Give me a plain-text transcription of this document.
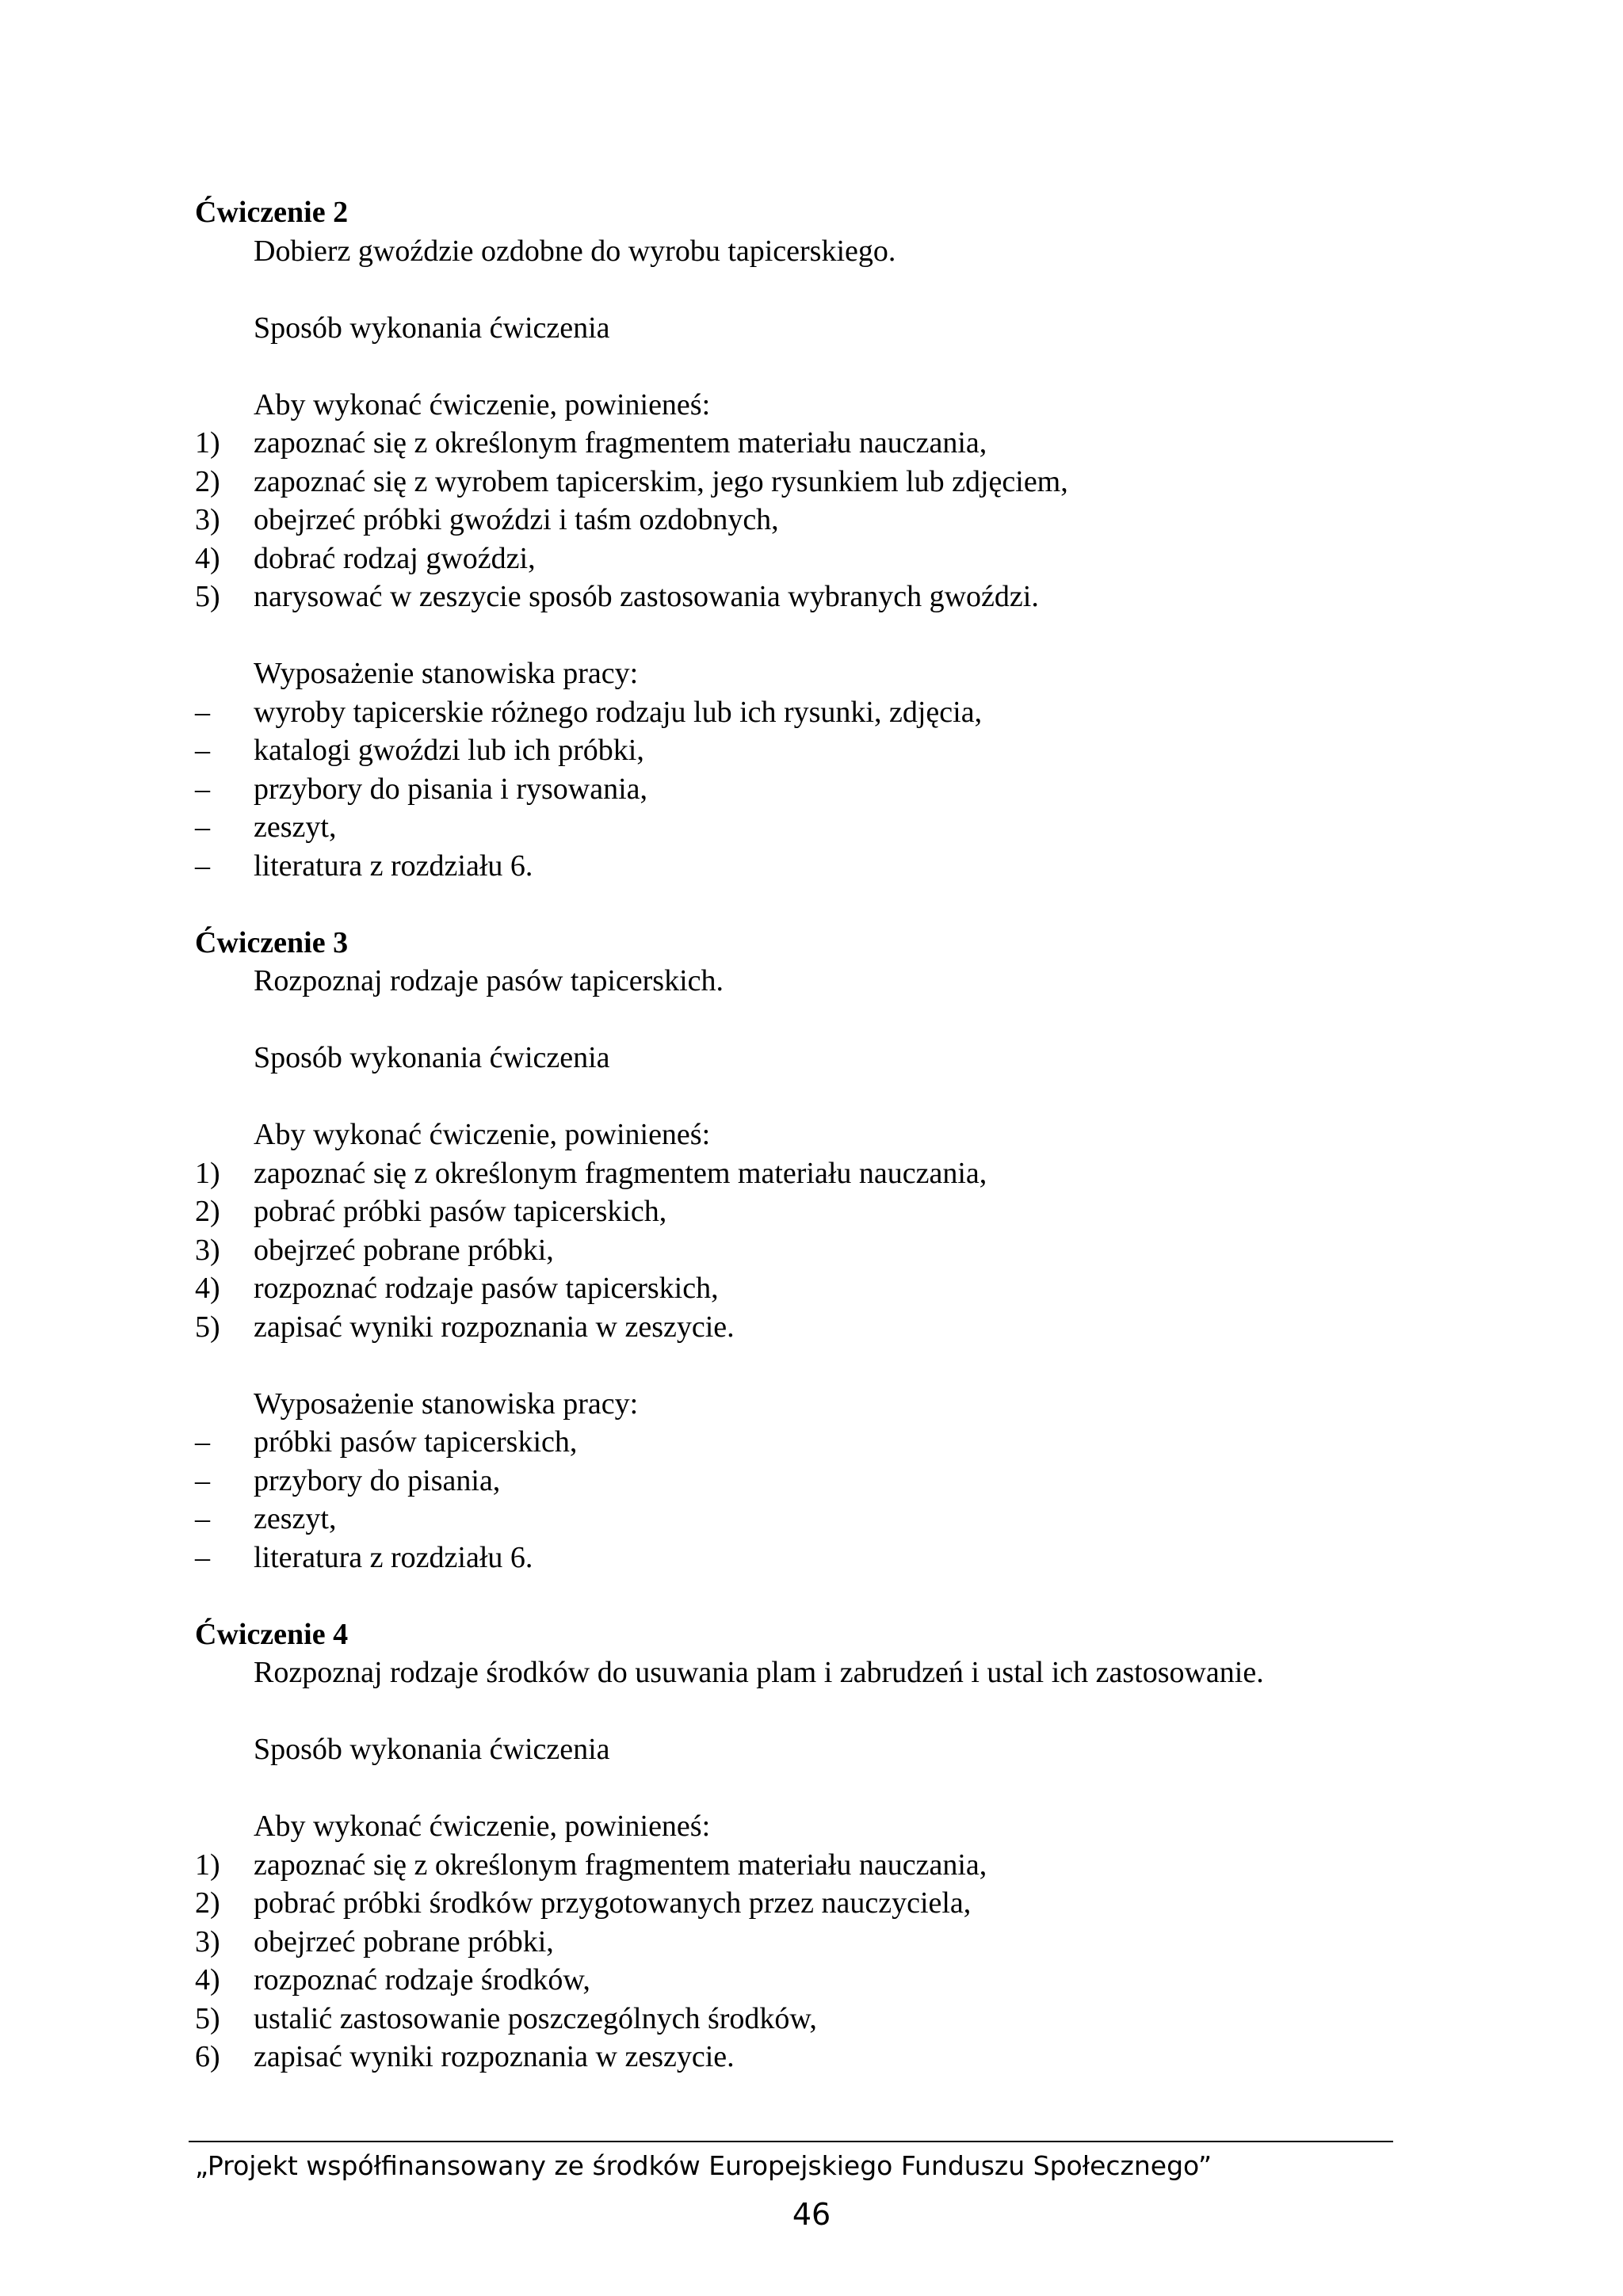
Ćwiczenie 2
Dobierz gwoździe ozdobne do wyrobu tapicerskiego.
Sposób wykonania ćwiczenia
Aby wykonać ćwiczenie, powinieneś:
1)	zapoznać się z określonym fragmentem materiału nauczania,
2)	zapoznać się z wyrobem tapicerskim, jego rysunkiem lub zdjęciem,
3)	obejrzeć próbki gwoździ i taśm ozdobnych,
4)	dobrać rodzaj gwoździ,
5)	narysować w zeszycie sposób zastosowania wybranych gwoździ.
Wyposażenie stanowiska pracy:
–	wyroby tapicerskie różnego rodzaju lub ich rysunki, zdjęcia,
–	katalogi gwoździ lub ich próbki,
–	przybory do pisania i rysowania,
–	zeszyt,
–	literatura z rozdziału 6.
Ćwiczenie 3
Rozpoznaj rodzaje pasów tapicerskich.
Sposób wykonania ćwiczenia
Aby wykonać ćwiczenie, powinieneś:
1)	zapoznać się z określonym fragmentem materiału nauczania,
2)	pobrać próbki pasów tapicerskich,
3)	obejrzeć pobrane próbki,
4)	rozpoznać rodzaje pasów tapicerskich,
5)	zapisać wyniki rozpoznania w zeszycie.
Wyposażenie stanowiska pracy:
–	próbki pasów tapicerskich,
–	przybory do pisania,
–	zeszyt,
–	literatura z rozdziału 6.
Ćwiczenie 4
Rozpoznaj rodzaje środków do usuwania plam i zabrudzeń i ustal ich zastosowanie.
Sposób wykonania ćwiczenia
Aby wykonać ćwiczenie, powinieneś:
1)	zapoznać się z określonym fragmentem materiału nauczania,
2)	pobrać próbki środków przygotowanych przez nauczyciela,
3)	obejrzeć pobrane próbki,
4)	rozpoznać rodzaje środków,
5)	ustalić zastosowanie poszczególnych środków,
6)	zapisać wyniki rozpoznania w zeszycie.
„Projekt współfinansowany ze środków Europejskiego Funduszu Społecznego”
46
